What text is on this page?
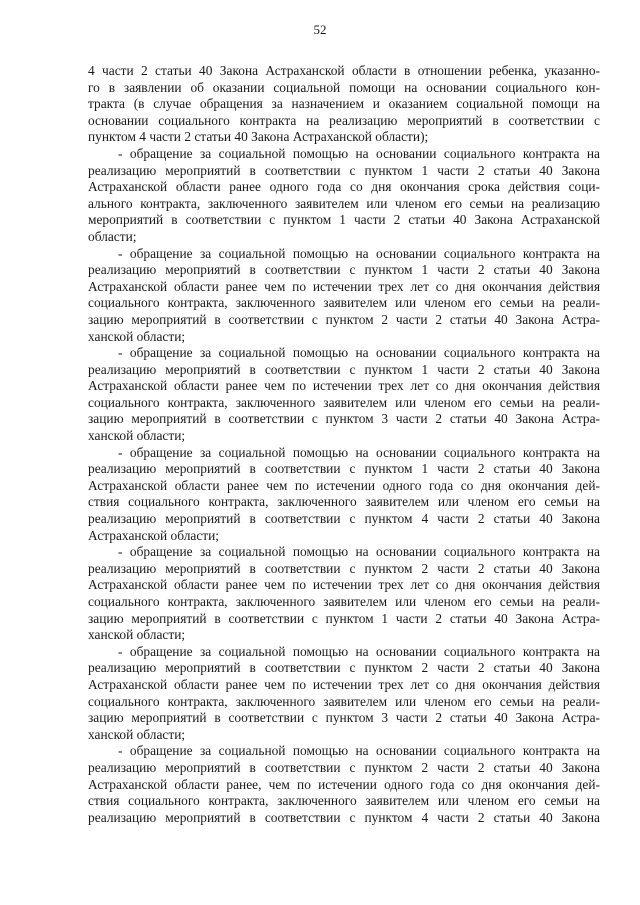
52
4 части 2 статьи 40 Закона Астраханской области в отношении ребенка, указанно-
го в заявлении об оказании социальной помощи на основании социального кон-
тракта (в случае обращения за назначением и оказанием социальной помощи на
основании социального контракта на реализацию мероприятий в соответствии с
пунктом 4 части 2 статьи 40 Закона Астраханской области);
- обращение за социальной помощью на основании социального контракта на
реализацию мероприятий в соответствии с пунктом 1 части 2 статьи 40 Закона
Астраханской области ранее одного года со дня окончания срока действия соци-
ального контракта, заключенного заявителем или членом его семьи на реализацию
мероприятий в соответствии с пунктом 1 части 2 статьи 40 Закона Астраханской
области;
- обращение за социальной помощью на основании социального контракта на
реализацию мероприятий в соответствии с пунктом 1 части 2 статьи 40 Закона
Астраханской области ранее чем по истечении трех лет со дня окончания действия
социального контракта, заключенного заявителем или членом его семьи на реали-
зацию мероприятий в соответствии с пунктом 2 части 2 статьи 40 Закона Астра-
ханской области;
- обращение за социальной помощью на основании социального контракта на
реализацию мероприятий в соответствии с пунктом 1 части 2 статьи 40 Закона
Астраханской области ранее чем по истечении трех лет со дня окончания действия
социального контракта, заключенного заявителем или членом его семьи на реали-
зацию мероприятий в соответствии с пунктом 3 части 2 статьи 40 Закона Астра-
ханской области;
- обращение за социальной помощью на основании социального контракта на
реализацию мероприятий в соответствии с пунктом 1 части 2 статьи 40 Закона
Астраханской области ранее чем по истечении одного года со дня окончания дей-
ствия социального контракта, заключенного заявителем или членом его семьи на
реализацию мероприятий в соответствии с пунктом 4 части 2 статьи 40 Закона
Астраханской области;
- обращение за социальной помощью на основании социального контракта на
реализацию мероприятий в соответствии с пунктом 2 части 2 статьи 40 Закона
Астраханской области ранее чем по истечении трех лет со дня окончания действия
социального контракта, заключенного заявителем или членом его семьи на реали-
зацию мероприятий в соответствии с пунктом 1 части 2 статьи 40 Закона Астра-
ханской области;
- обращение за социальной помощью на основании социального контракта на
реализацию мероприятий в соответствии с пунктом 2 части 2 статьи 40 Закона
Астраханской области ранее чем по истечении трех лет со дня окончания действия
социального контракта, заключенного заявителем или членом его семьи на реали-
зацию мероприятий в соответствии с пунктом 3 части 2 статьи 40 Закона Астра-
ханской области;
- обращение за социальной помощью на основании социального контракта на
реализацию мероприятий в соответствии с пунктом 2 части 2 статьи 40 Закона
Астраханской области ранее, чем по истечении одного года со дня окончания дей-
ствия социального контракта, заключенного заявителем или членом его семьи на
реализацию мероприятий в соответствии с пунктом 4 части 2 статьи 40 Закона
